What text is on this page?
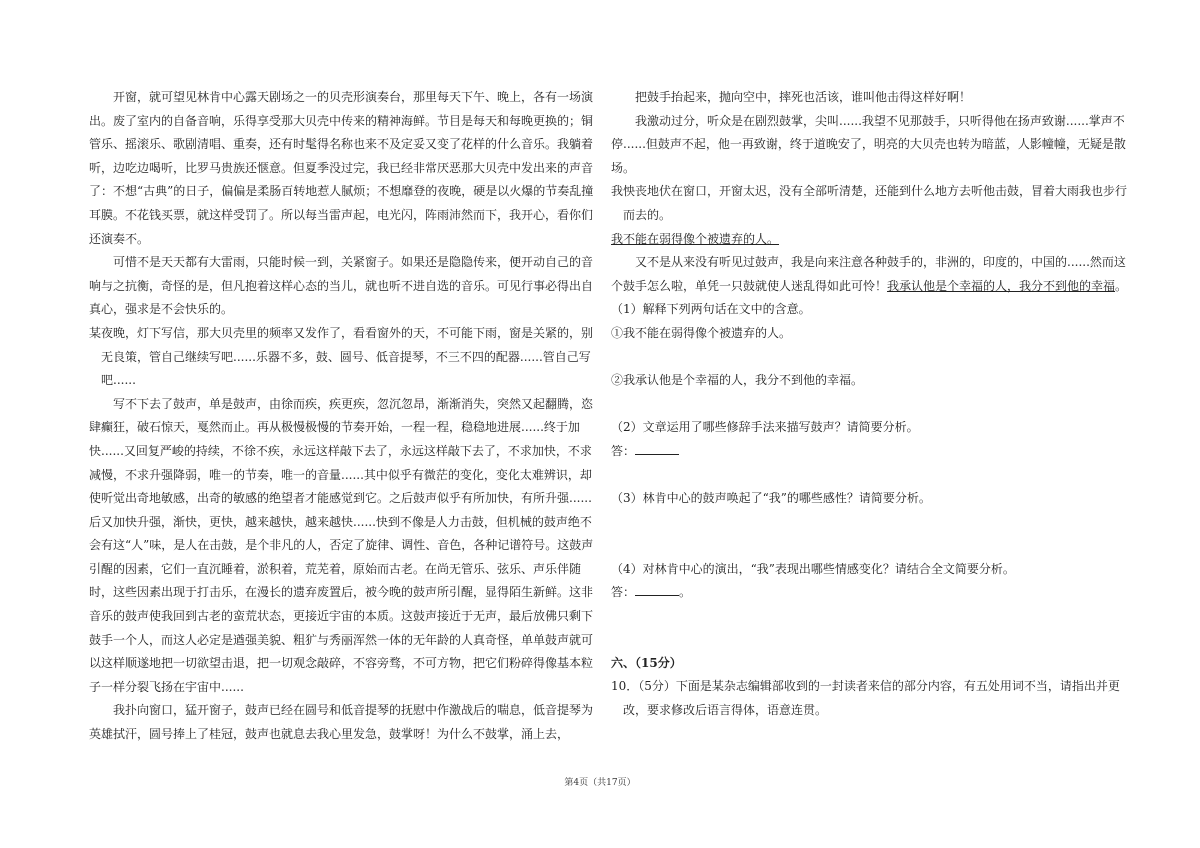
开窗，就可望见林肯中心露天剧场之一的贝壳形演奏台，那里每天下午、晚上，各有一场演出。废了室内的自备音响，乐得享受那大贝壳中传来的精神海鲜。节目是每天和每晚更换的；铜管乐、摇滚乐、歌剧清唱、重奏，还有时髦得名称也来不及定妥又变了花样的什么音乐。我躺着听，边吃边喝听，比罗马贵族还惬意。但夏季没过完，我已经非常厌恶那大贝壳中发出来的声音了：不想“古典”的日子，偏偏是柔肠百转地惹人腻烦；不想靡登的夜晚，硬是以火爆的节奏乱撞耳膜。不花钱买票，就这样受罚了。所以每当雷声起，电光闪，阵雨沛然而下，我开心，看你们还演奏不。

可惜不是天天都有大雷雨，只能时候一到，关紧窗子。如果还是隐隐传来，便开动自己的音响与之抗衡，奇怪的是，但凡抱着这样心态的当儿，就也听不进自选的音乐。可见行事必得出自真心，强求是不会快乐的。

某夜晚，灯下写信，那大贝壳里的频率又发作了，看看窗外的天，不可能下雨，窗是关紧的，别无良策，管自己继续写吧......乐器不多，鼓、圆号、低音提琴，不三不四的配器......管自己写吧......

写不下去了鼓声，单是鼓声，由徐而疾，疾更疾，忽沉忽昂，渐渐消失，突然又起翻腾，恣肆癫狂，破石惊天，戛然而止。再从极慢极慢的节奏开始，一程一程，稳稳地进展......终于加快......又回复严峻的持续，不徐不疾，永远这样敲下去了，永远这样敲下去了，不求加快，不求减慢，不求升强降弱，唯一的节奏，唯一的音量......其中似乎有微茫的变化，变化太难辨识，却使听觉出奇地敏感，出奇的敏感的绝望者才能感觉到它。之后鼓声似乎有所加快，有所升强......后又加快升强，渐快，更快，越来越快，越来越快......快到不像是人力击鼓，但机械的鼓声绝不会有这“人”味，是人在击鼓，是个非凡的人，否定了旋律、调性、音色，各种记谱符号。这鼓声引醒的因素，它们一直沉睡着，淤积着，荒芜着，原始而古老。在尚无管乐、弦乐、声乐伴随时，这些因素出现于打击乐，在漫长的遗弃废置后，被今晚的鼓声所引醒，显得陌生新鲜。这非音乐的鼓声使我回到古老的蛮荒状态，更接近宇宙的本质。这鼓声接近于无声，最后放佛只剩下鼓手一个人，而这人必定是遒强美貌、粗犷与秀丽浑然一体的无年龄的人真奇怪，单单鼓声就可以这样顺遂地把一切欲望击退，把一切观念敲碎，不容旁骛，不可方物，把它们粉碎得像基本粒子一样分裂飞扬在宇宙中......

我扑向窗口，猛开窗子，鼓声已经在圆号和低音提琴的抚慰中作激战后的喘息，低音提琴为英雄拭汗，圆号捧上了桂冠，鼓声也就息去我心里发急，鼓掌呀！为什么不鼓掌，涌上去，

把鼓手抬起来，抛向空中，摔死也活该，谁叫他击得这样好啊！

我激动过分，听众是在剧烈鼓掌，尖叫......我望不见那鼓手，只听得他在扬声致谢......掌声不停......但鼓声不起，他一再致谢，终于道晚安了，明亮的大贝壳也转为暗蓝，人影幢幢，无疑是散场。

我怏丧地伏在窗口，开窗太迟，没有全部听清楚，还能到什么地方去听他击鼓，冒着大雨我也步行而去的。

我不能在弱得像个被遗弃的人。

又不是从来没有听见过鼓声，我是向来注意各种鼓手的，非洲的，印度的，中国的......然而这个鼓手怎么啦，单凭一只鼓就使人迷乱得如此可怜！我承认他是个幸福的人，我分不到他的幸福。

（1）解释下列两句话在文中的含意。

①我不能在弱得像个被遗弃的人。

②我承认他是个幸福的人，我分不到他的幸福。

（2）文章运用了哪些修辞手法来描写鼓声？请简要分析。

答：

（3）林肯中心的鼓声唤起了“我”的哪些感性？请简要分析。

（4）对林肯中心的演出，“我”表现出哪些情感变化？请结合全文简要分析。

答：	。

六、（15分）

10．（5分）下面是某杂志编辑部收到的一封读者来信的部分内容，有五处用词不当，请指出并更改，要求修改后语言得体，语意连贯。

第4页（共17页）
